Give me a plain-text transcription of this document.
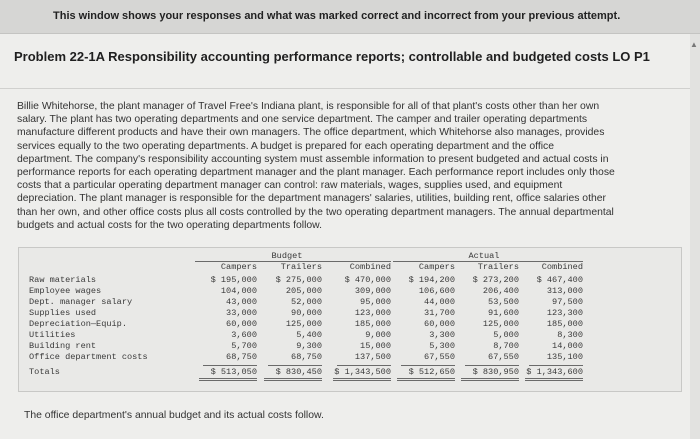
This window shows your responses and what was marked correct and incorrect from your previous attempt.
▲
Problem 22-1A Responsibility accounting performance reports; controllable and budgeted costs LO P1
Billie Whitehorse, the plant manager of Travel Free's Indiana plant, is responsible for all of that plant's costs other than her own
salary. The plant has two operating departments and one service department. The camper and trailer operating departments
manufacture different products and have their own managers. The office department, which Whitehorse also manages, provides
services equally to the two operating departments. A budget is prepared for each operating department and the office
department. The company's responsibility accounting system must assemble information to present budgeted and actual costs in
performance reports for each operating department manager and the plant manager. Each performance report includes only those
costs that a particular operating department manager can control: raw materials, wages, supplies used, and equipment
depreciation. The plant manager is responsible for the department managers' salaries, utilities, building rent, office salaries other
than her own, and other office costs plus all costs controlled by the two operating department managers. The annual departmental
budgets and actual costs for the two operating departments follow.
Budget	Actual
Campers	Trailers	Combined	Campers	Trailers	Combined
Raw materials	$ 195,000	$ 275,000	$ 470,000	$ 194,200	$ 273,200	$ 467,400
Employee wages	104,000	205,000	309,000	106,600	206,400	313,000
Dept. manager salary	43,000	52,000	95,000	44,000	53,500	97,500
Supplies used	33,000	90,000	123,000	31,700	91,600	123,300
Depreciation—Equip.	60,000	125,000	185,000	60,000	125,000	185,000
Utilities	3,600	5,400	9,000	3,300	5,000	8,300
Building rent	5,700	9,300	15,000	5,300	8,700	14,000
Office department costs	68,750	68,750	137,500	67,550	67,550	135,100
Totals	$ 513,050	$ 830,450	$ 1,343,500	$ 512,650	$ 830,950 $ 1,343,600
The office department's annual budget and its actual costs follow.
